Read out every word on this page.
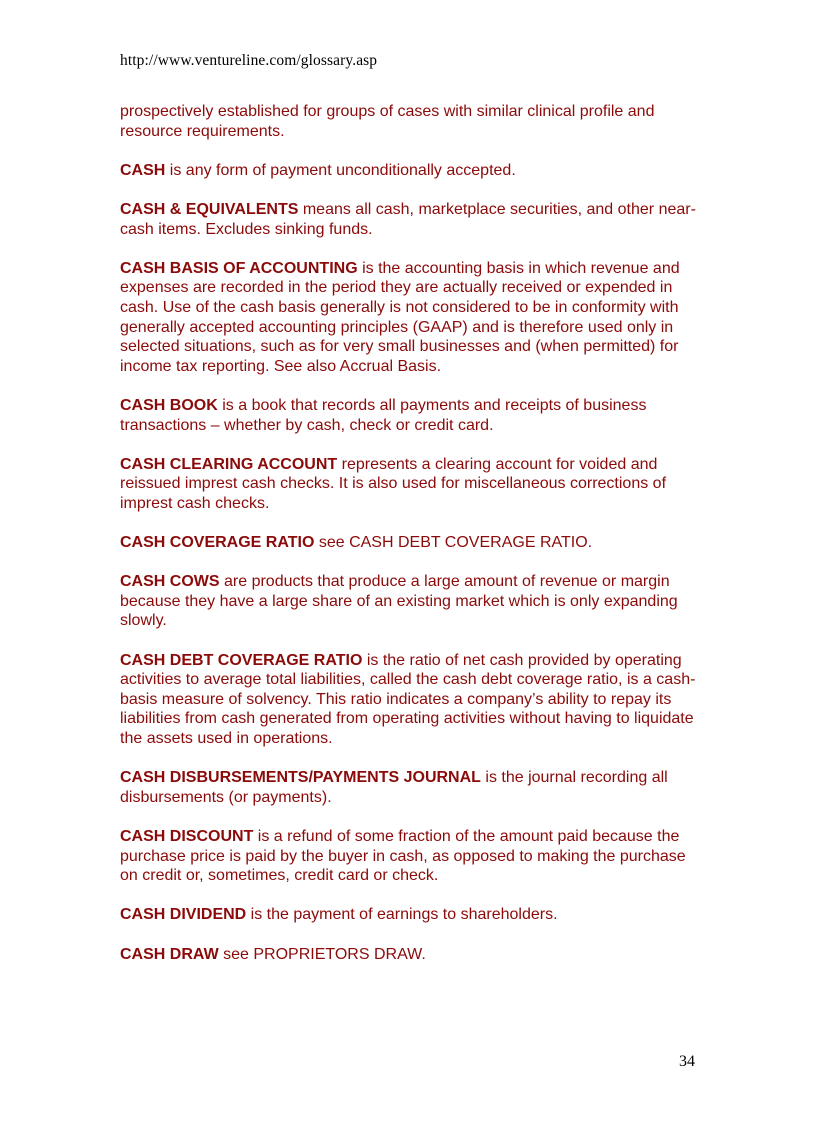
http://www.ventureline.com/glossary.asp

prospectively established for groups of cases with similar clinical profile and resource requirements.

CASH is any form of payment unconditionally accepted.

CASH & EQUIVALENTS means all cash, marketplace securities, and other near-cash items. Excludes sinking funds.

CASH BASIS OF ACCOUNTING is the accounting basis in which revenue and expenses are recorded in the period they are actually received or expended in cash. Use of the cash basis generally is not considered to be in conformity with generally accepted accounting principles (GAAP) and is therefore used only in selected situations, such as for very small businesses and (when permitted) for income tax reporting. See also Accrual Basis.

CASH BOOK is a book that records all payments and receipts of business transactions – whether by cash, check or credit card.

CASH CLEARING ACCOUNT represents a clearing account for voided and reissued imprest cash checks. It is also used for miscellaneous corrections of imprest cash checks.

CASH COVERAGE RATIO see CASH DEBT COVERAGE RATIO.

CASH COWS are products that produce a large amount of revenue or margin because they have a large share of an existing market which is only expanding slowly.

CASH DEBT COVERAGE RATIO is the ratio of net cash provided by operating activities to average total liabilities, called the cash debt coverage ratio, is a cash-basis measure of solvency. This ratio indicates a company’s ability to repay its liabilities from cash generated from operating activities without having to liquidate the assets used in operations.

CASH DISBURSEMENTS/PAYMENTS JOURNAL is the journal recording all disbursements (or payments).

CASH DISCOUNT is a refund of some fraction of the amount paid because the purchase price is paid by the buyer in cash, as opposed to making the purchase on credit or, sometimes, credit card or check.

CASH DIVIDEND is the payment of earnings to shareholders.

CASH DRAW see PROPRIETORS DRAW.

34
